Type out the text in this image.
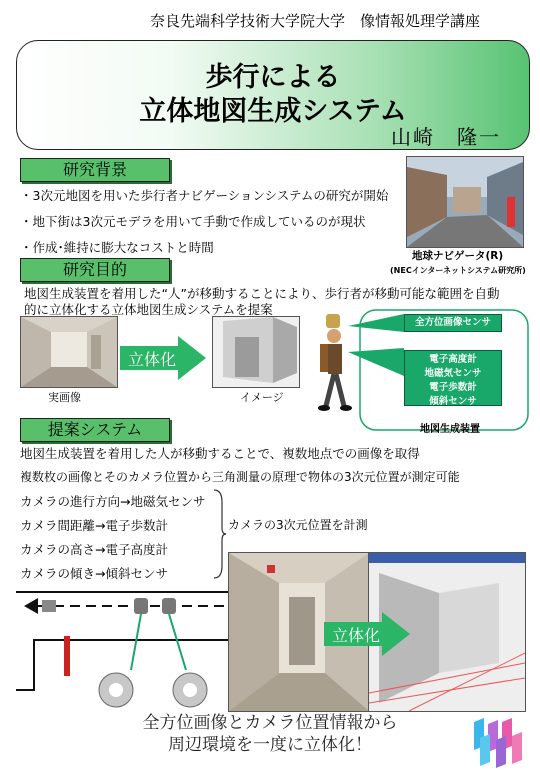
奈良先端科学技術大学院大学　像情報処理学講座
歩行による
立体地図生成システム
山崎　隆一
研究背景
・3次元地図を用いた歩行者ナビゲーションシステムの研究が開始
・地下街は3次元モデラを用いて手動で作成しているのが現状
・作成･維持に膨大なコストと時間
地球ナビゲータ(R)
(NECインターネットシステム研究所)
研究目的
地図生成装置を着用した“人”が移動することにより、歩行者が移動可能な範囲を自動
的に立体化する立体地図生成システムを提案
実画像
立体化
イメージ
全方位画像センサ
電子高度計
地磁気センサ
電子歩数計
傾斜センサ
地図生成装置
提案システム
地図生成装置を着用した人が移動することで、複数地点での画像を取得
複数枚の画像とそのカメラ位置から三角測量の原理で物体の3次元位置が測定可能
カメラの進行方向→地磁気センサ
カメラ間距離→電子歩数計
カメラの高さ→電子高度計
カメラの傾き→傾斜センサ
カメラの3次元位置を計測
立体化
全方位画像とカメラ位置情報から
周辺環境を一度に立体化！
